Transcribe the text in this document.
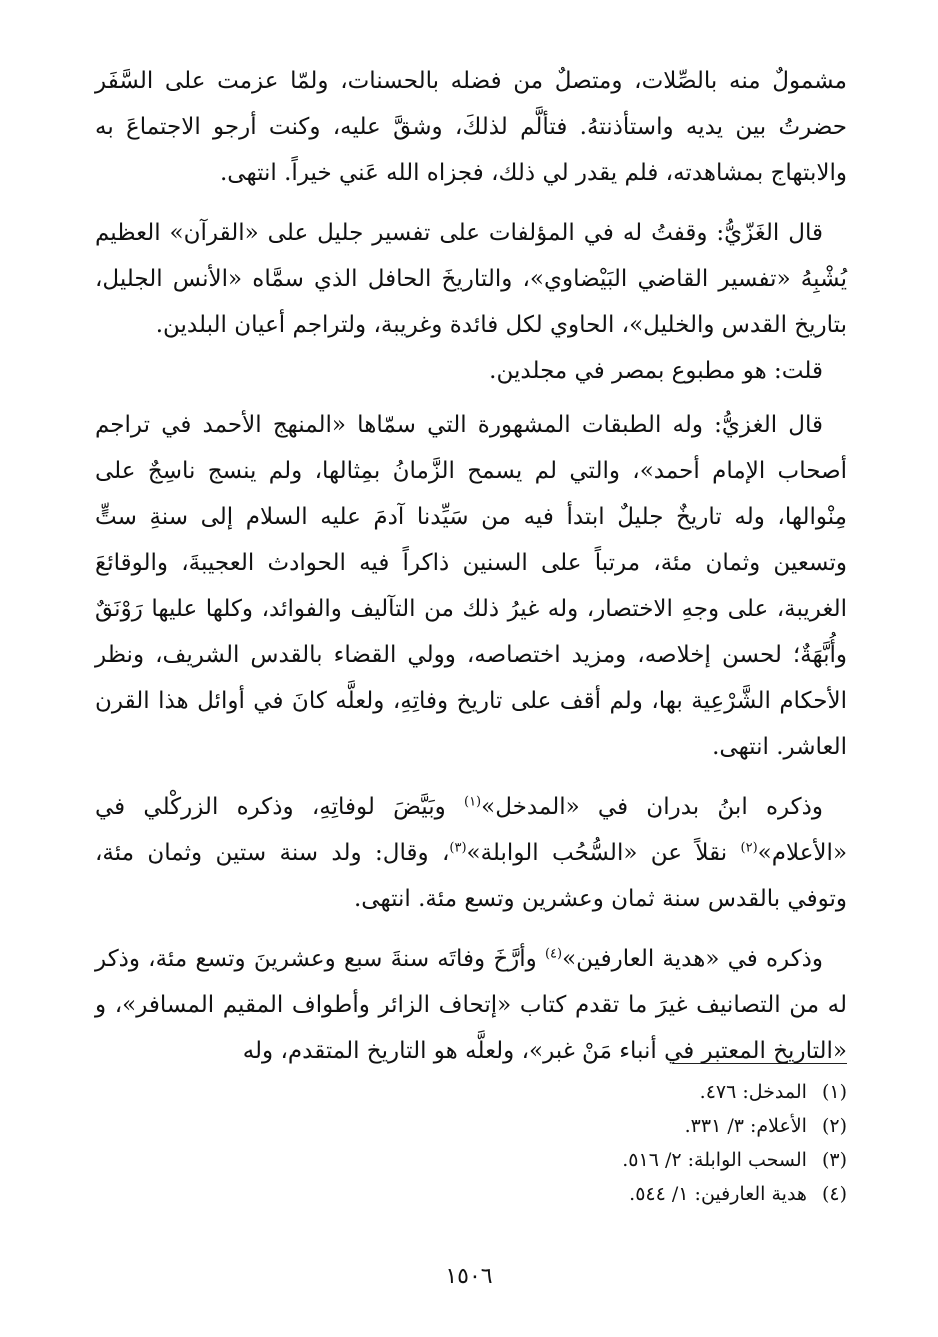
مشمولٌ منه بالصِّلات، ومتصلٌ من فضله بالحسنات، ولمّا عزمت على السَّفَر حضرتُ بين يديه واستأذنتهُ. فتألَّم لذلكَ، وشقَّ عليه، وكنت أرجو الاجتماعَ به والابتهاج بمشاهدته، فلم يقدر لي ذلك، فجزاه الله عَني خيراً. انتهى.

قال الغَزّيُّ: وقفتُ له في المؤلفات على تفسير جليل على «القرآن» العظيم يُشْبِهُ «تفسير القاضي البَيْضاوي»، والتاريخَ الحافل الذي سمَّاه «الأنس الجليل، بتاريخ القدس والخليل»، الحاوي لكل فائدة وغريبة، ولتراجم أعيان البلدين.

قلت: هو مطبوع بمصر في مجلدين.

قال الغزيُّ: وله الطبقات المشهورة التي سمّاها «المنهج الأحمد في تراجم أصحاب الإمام أحمد»، والتي لم يسمح الزَّمانُ بمِثالها، ولم ينسج ناسِجٌ على مِنْوالها، وله تاريخٌ جليلٌ ابتدأ فيه من سَيِّدنا آدمَ عليه السلام إلى سنةِ ستٍّ وتسعين وثمان مئة، مرتباً على السنين ذاكراً فيه الحوادث العجيبةَ، والوقائعَ الغريبة، على وجهِ الاختصار، وله غيرُ ذلك من التآليف والفوائد، وكلها عليها رَوْنَقٌ وأُبَّهَةٌ؛ لحسن إخلاصه، ومزيد اختصاصه، وولي القضاء بالقدس الشريف، ونظر الأحكام الشَّرْعِية بها، ولم أقف على تاريخ وفاتِهِ، ولعلَّه كانَ في أوائل هذا القرن العاشر. انتهى.

وذكره ابنُ بدران في «المدخل»$^{(١)}$ وبَيَّضَ لوفاتِهِ، وذكره الزركْلي في «الأعلام»$^{(٢)}$ نقلاً عن «السُّحُب الوابلة»$^{(٣)}$، وقال: ولد سنة ستين وثمان مئة، وتوفي بالقدس سنة ثمان وعشرين وتسع مئة. انتهى.

وذكره في «هدية العارفين»$^{(٤)}$ وأرَّخَ وفاتَه سنةَ سبع وعشرينَ وتسع مئة، وذكر له من التصانيف غيرَ ما تقدم كتاب «إتحاف الزائر وأطواف المقيم المسافر»، و «التاريخ المعتبر في أنباء مَنْ غبر»، ولعلَّه هو التاريخ المتقدم، وله

(١) المدخل: ٤٧٦.
(٢) الأعلام: ٣/ ٣٣١.
(٣) السحب الوابلة: ٢/ ٥١٦.
(٤) هدية العارفين: ١/ ٥٤٤.
١٥٠٦
